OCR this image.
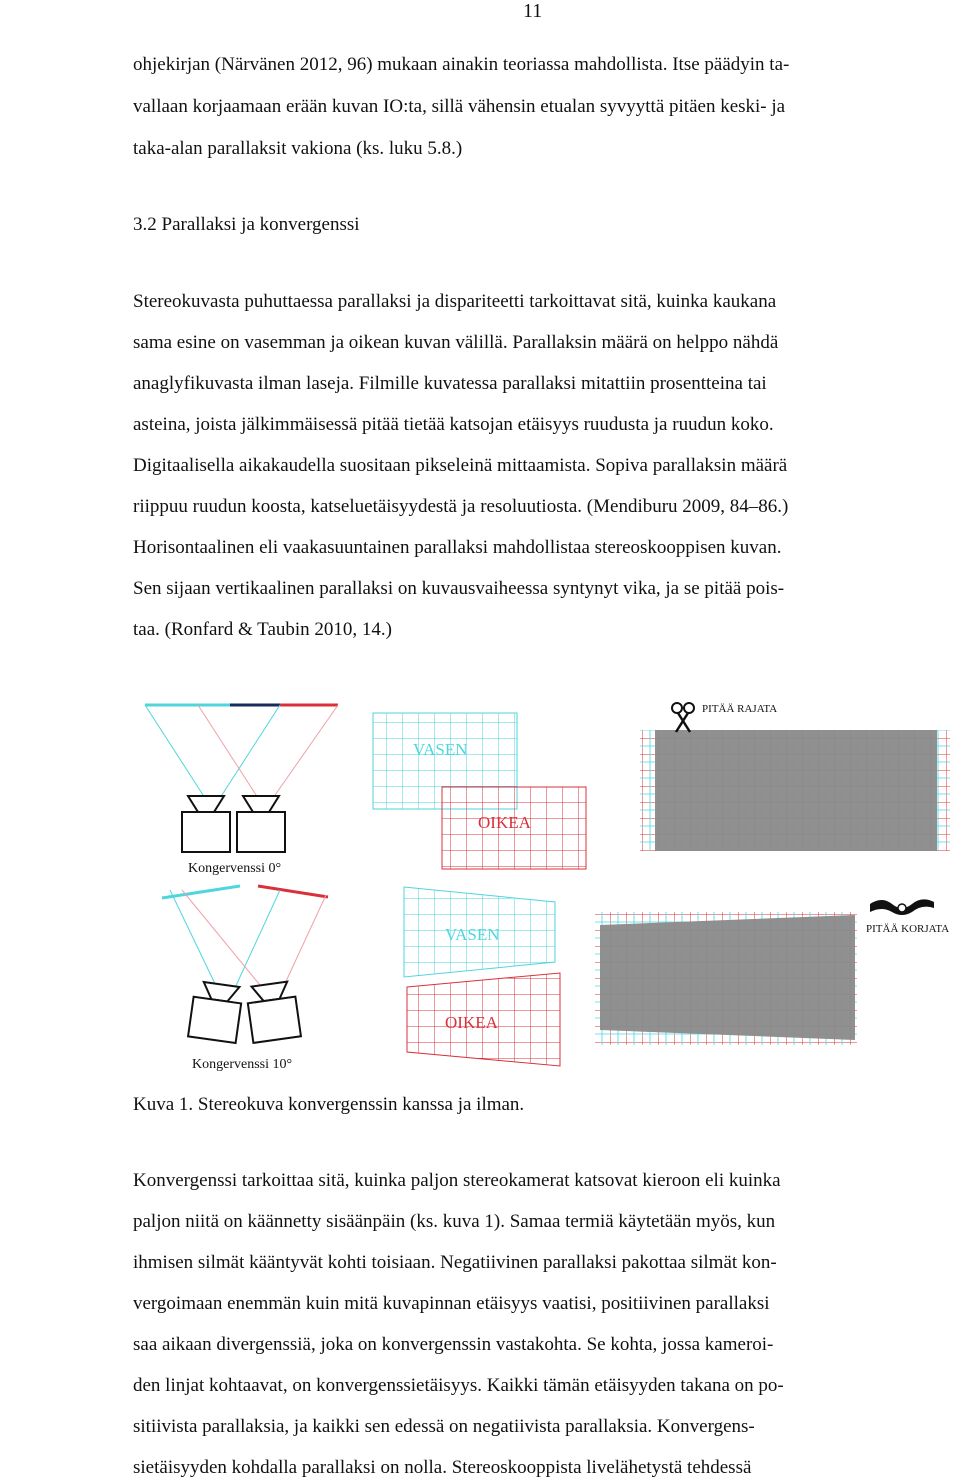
11
ohjekirjan (Närvänen 2012, 96) mukaan ainakin teoriassa mahdollista. Itse päädyin ta-
vallaan korjaamaan erään kuvan IO:ta, sillä vähensin etualan syvyyttä pitäen keski- ja
taka-alan parallaksit vakiona (ks. luku 5.8.)
3.2 Parallaksi ja konvergenssi
Stereokuvasta puhuttaessa parallaksi ja dispariteetti tarkoittavat sitä, kuinka kaukana
sama esine on vasemman ja oikean kuvan välillä. Parallaksin määrä on helppo nähdä
anaglyfikuvasta ilman laseja. Filmille kuvatessa parallaksi mitattiin prosentteina tai
asteina, joista jälkimmäisessä pitää tietää katsojan etäisyys ruudusta ja ruudun koko.
Digitaalisella aikakaudella suositaan pikseleinä mittaamista. Sopiva parallaksin määrä
riippuu ruudun koosta, katseluetäisyydestä ja resoluutiosta. (Mendiburu 2009, 84–86.)
Horisontaalinen eli vaakasuuntainen parallaksi mahdollistaa stereoskooppisen kuvan.
Sen sijaan vertikaalinen parallaksi on kuvausvaiheessa syntynyt vika, ja se pitää pois-
taa. (Ronfard & Taubin 2010, 14.)
Kongervenssi 0°
VASEN
OIKEA
PITÄÄ RAJATA
Kongervenssi 10°
VASEN
OIKEA
PITÄÄ KORJATA
Kuva 1. Stereokuva konvergenssin kanssa ja ilman.
Konvergenssi tarkoittaa sitä, kuinka paljon stereokamerat katsovat kieroon eli kuinka
paljon niitä on käännetty sisäänpäin (ks. kuva 1). Samaa termiä käytetään myös, kun
ihmisen silmät kääntyvät kohti toisiaan. Negatiivinen parallaksi pakottaa silmät kon-
vergoimaan enemmän kuin mitä kuvapinnan etäisyys vaatisi, positiivinen parallaksi
saa aikaan divergenssiä, joka on konvergenssin vastakohta. Se kohta, jossa kameroi-
den linjat kohtaavat, on konvergenssietäisyys. Kaikki tämän etäisyyden takana on po-
sitiivista parallaksia, ja kaikki sen edessä on negatiivista parallaksia. Konvergens-
sietäisyyden kohdalla parallaksi on nolla. Stereoskooppista livelähetystä tehdessä
